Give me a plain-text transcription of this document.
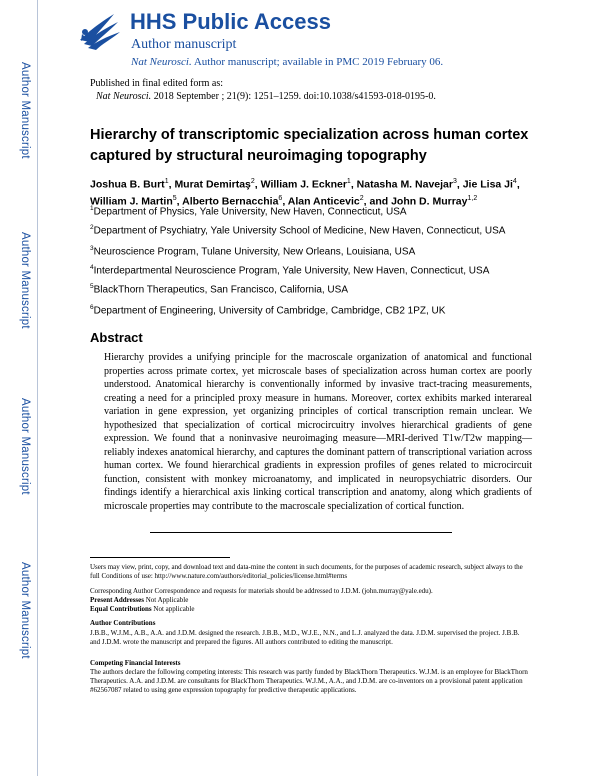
Author Manuscript
Author Manuscript
Author Manuscript
Author Manuscript
HHS Public Access
Author manuscript
Nat Neurosci. Author manuscript; available in PMC 2019 February 06.
Published in final edited form as:
Nat Neurosci. 2018 September ; 21(9): 1251–1259. doi:10.1038/s41593-018-0195-0.
Hierarchy of transcriptomic specialization across human cortex captured by structural neuroimaging topography
Joshua B. Burt$^1$, Murat Demirtaş$^2$, William J. Eckner$^1$, Natasha M. Navejar$^3$, Jie Lisa Ji$^4$, William J. Martin$^5$, Alberto Bernacchia$^6$, Alan Anticevic$^2$, and John D. Murray$^{1,2}$
$^1$Department of Physics, Yale University, New Haven, Connecticut, USA
$^2$Department of Psychiatry, Yale University School of Medicine, New Haven, Connecticut, USA
$^3$Neuroscience Program, Tulane University, New Orleans, Louisiana, USA
$^4$Interdepartmental Neuroscience Program, Yale University, New Haven, Connecticut, USA
$^5$BlackThorn Therapeutics, San Francisco, California, USA
$^6$Department of Engineering, University of Cambridge, Cambridge, CB2 1PZ, UK
Abstract
Hierarchy provides a unifying principle for the macroscale organization of anatomical and functional properties across primate cortex, yet microscale bases of specialization across human cortex are poorly understood. Anatomical hierarchy is conventionally informed by invasive tract-tracing measurements, creating a need for a principled proxy measure in humans. Moreover, cortex exhibits marked interareal variation in gene expression, yet organizing principles of cortical transcription remain unclear. We hypothesized that specialization of cortical microcircuitry involves hierarchical gradients of gene expression. We found that a noninvasive neuroimaging measure—MRI-derived T1w/T2w mapping—reliably indexes anatomical hierarchy, and captures the dominant pattern of transcriptional variation across human cortex. We found hierarchical gradients in expression profiles of genes related to microcircuit function, consistent with monkey microanatomy, and implicated in neuropsychiatric disorders. Our findings identify a hierarchical axis linking cortical transcription and anatomy, along which gradients of microscale properties may contribute to the macroscale specialization of cortical function.
Users may view, print, copy, and download text and data-mine the content in such documents, for the purposes of academic research, subject always to the full Conditions of use: http://www.nature.com/authors/editorial_policies/license.html#terms
Corresponding Author Correspondence and requests for materials should be addressed to J.D.M. (john.murray@yale.edu).
Present Addresses Not Applicable
Equal Contributions Not applicable
Author Contributions
J.B.B., W.J.M., A.B., A.A. and J.D.M. designed the research. J.B.B., M.D., W.J.E., N.N., and L.J. analyzed the data. J.D.M. supervised the project. J.B.B. and J.D.M. wrote the manuscript and prepared the figures. All authors contributed to editing the manuscript.
Competing Financial Interests
The authors declare the following competing interests: This research was partly funded by BlackThorn Therapeutics. W.J.M. is an employee for BlackThorn Therapeutics. A.A. and J.D.M. are consultants for BlackThorn Therapeutics. W.J.M., A.A., and J.D.M. are co-inventors on a provisional patent application #62567087 related to using gene expression topography for predictive therapeutic applications.
